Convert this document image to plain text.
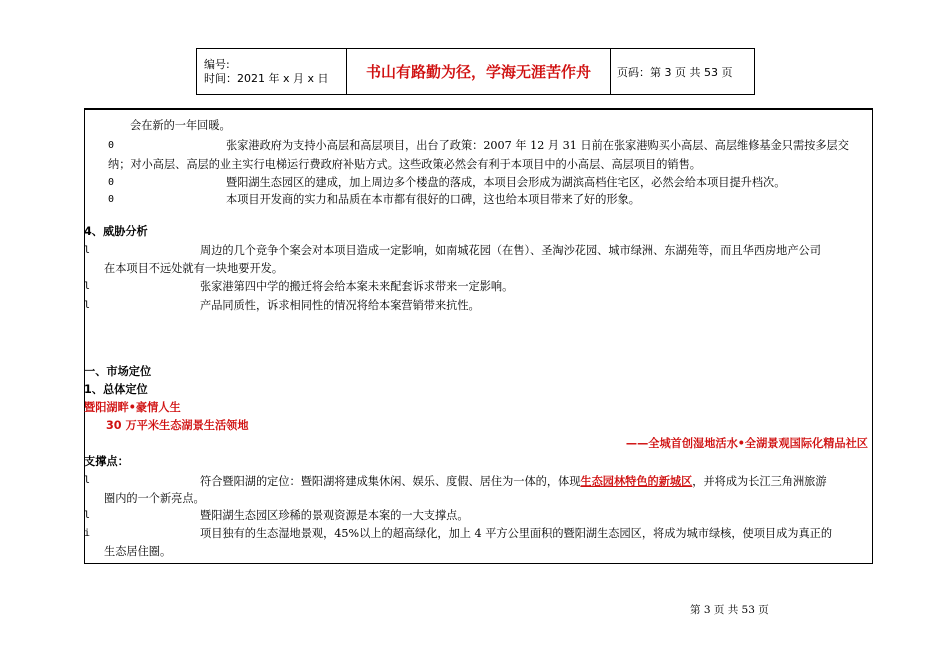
编号:
时间：2021 年 x 月 x 日	书山有路勤为径，学海无涯苦作舟	页码：第 3 页 共 53 页
会在新的一年回暖。
0	张家港政府为支持小高层和高层项目，出台了政策：2007 年 12 月 31 日前在张家港购买小高层、高层维修基金只需按多层交
纳；对小高层、高层的业主实行电梯运行费政府补贴方式。这些政策必然会有利于本项目中的小高层、高层项目的销售。
0	暨阳湖生态园区的建成，加上周边多个楼盘的落成，本项目会形成为湖滨高档住宅区，必然会给本项目提升档次。
0	本项目开发商的实力和品质在本市都有很好的口碑，这也给本项目带来了好的形象。
4、威胁分析
l	周边的几个竞争个案会对本项目造成一定影响，如南城花园（在售）、圣淘沙花园、城市绿洲、东湖苑等，而且华西房地产公司
在本项目不远处就有一块地要开发。
l	张家港第四中学的搬迁将会给本案未来配套诉求带来一定影响。
l	产品同质性，诉求相同性的情况将给本案营销带来抗性。
一、市场定位
1、总体定位
暨阳湖畔•豪情人生
30 万平米生态湖景生活领地
——全城首创湿地活水•全湖景观国际化精品社区
支撑点：
l	符合暨阳湖的定位：暨阳湖将建成集休闲、娱乐、度假、居住为一体的，体现生态园林特色的新城区，并将成为长江三角洲旅游
圈内的一个新亮点。
l	暨阳湖生态园区珍稀的景观资源是本案的一大支撑点。
i	项目独有的生态湿地景观，45%以上的超高绿化，加上 4 平方公里面积的暨阳湖生态园区，将成为城市绿核，使项目成为真正的
生态居住圈。
第 3 页 共 53 页
